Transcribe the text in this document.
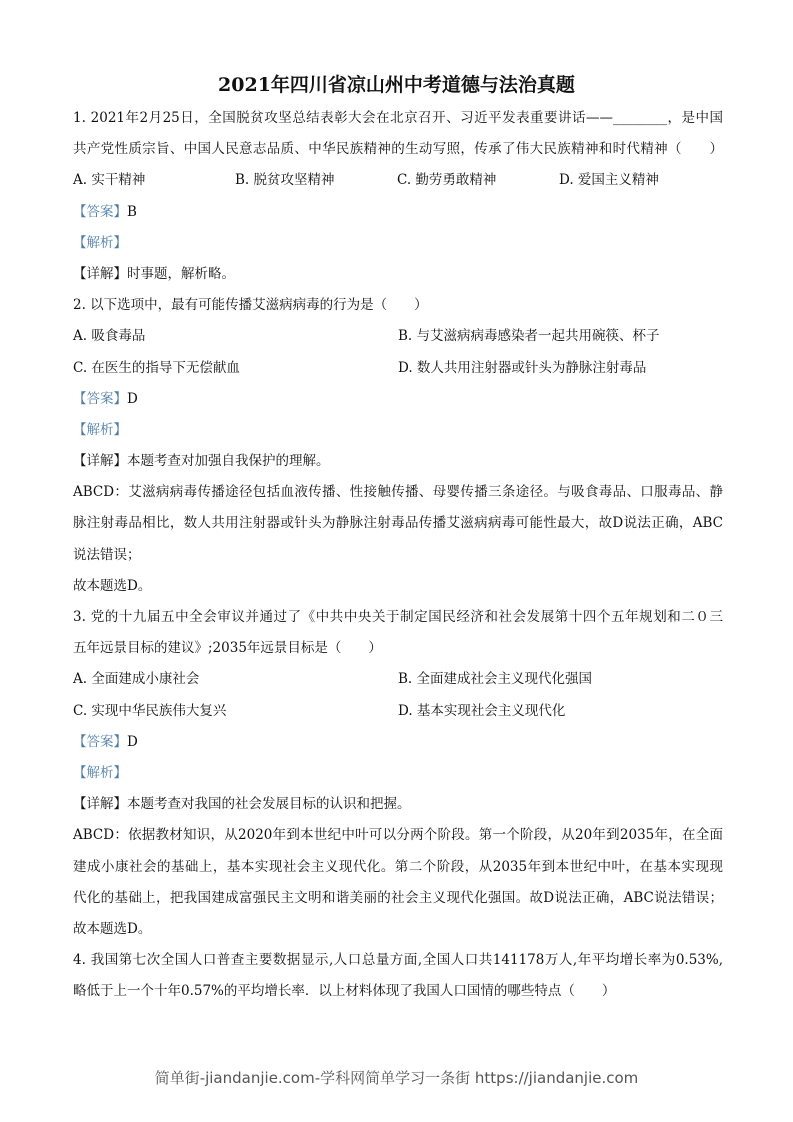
2021年四川省凉山州中考道德与法治真题
1. 2021年2月25日，全国脱贫攻坚总结表彰大会在北京召开、习近平发表重要讲话——________，是中国
共产党性质宗旨、中国人民意志品质、中华民族精神的生动写照，传承了伟大民族精神和时代精神（　　）
A. 实干精神	B. 脱贫攻坚精神	C. 勤劳勇敢精神	D. 爱国主义精神
【答案】B
【解析】
【详解】时事题，解析略。
2. 以下选项中，最有可能传播艾滋病病毒的行为是（　　）
A. 吸食毒品	B. 与艾滋病病毒感染者一起共用碗筷、杯子
C. 在医生的指导下无偿献血	D. 数人共用注射器或针头为静脉注射毒品
【答案】D
【解析】
【详解】本题考查对加强自我保护的理解。
ABCD：艾滋病病毒传播途径包括血液传播、性接触传播、母婴传播三条途径。与吸食毒品、口服毒品、静
脉注射毒品相比，数人共用注射器或针头为静脉注射毒品传播艾滋病病毒可能性最大，故D说法正确，ABC
说法错误；
故本题选D。
3. 党的十九届五中全会审议并通过了《中共中央关于制定国民经济和社会发展第十四个五年规划和二０三
五年远景目标的建议》;2035年远景目标是（　　）
A. 全面建成小康社会	B. 全面建成社会主义现代化强国
C. 实现中华民族伟大复兴	D. 基本实现社会主义现代化
【答案】D
【解析】
【详解】本题考查对我国的社会发展目标的认识和把握。
ABCD：依据教材知识，从2020年到本世纪中叶可以分两个阶段。第一个阶段，从20年到2035年，在全面
建成小康社会的基础上，基本实现社会主义现代化。第二个阶段，从2035年到本世纪中叶，在基本实现现
代化的基础上，把我国建成富强民主文明和谐美丽的社会主义现代化强国。故D说法正确，ABC说法错误；
故本题选D。
4. 我国第七次全国人口普查主要数据显示,人口总量方面,全国人口共141178万人,年平均增长率为0.53%,
略低于上一个十年0.57%的平均增长率．以上材料体现了我国人口国情的哪些特点（　　）
简单街-jiandanjie.com-学科网简单学习一条街 https://jiandanjie.com
